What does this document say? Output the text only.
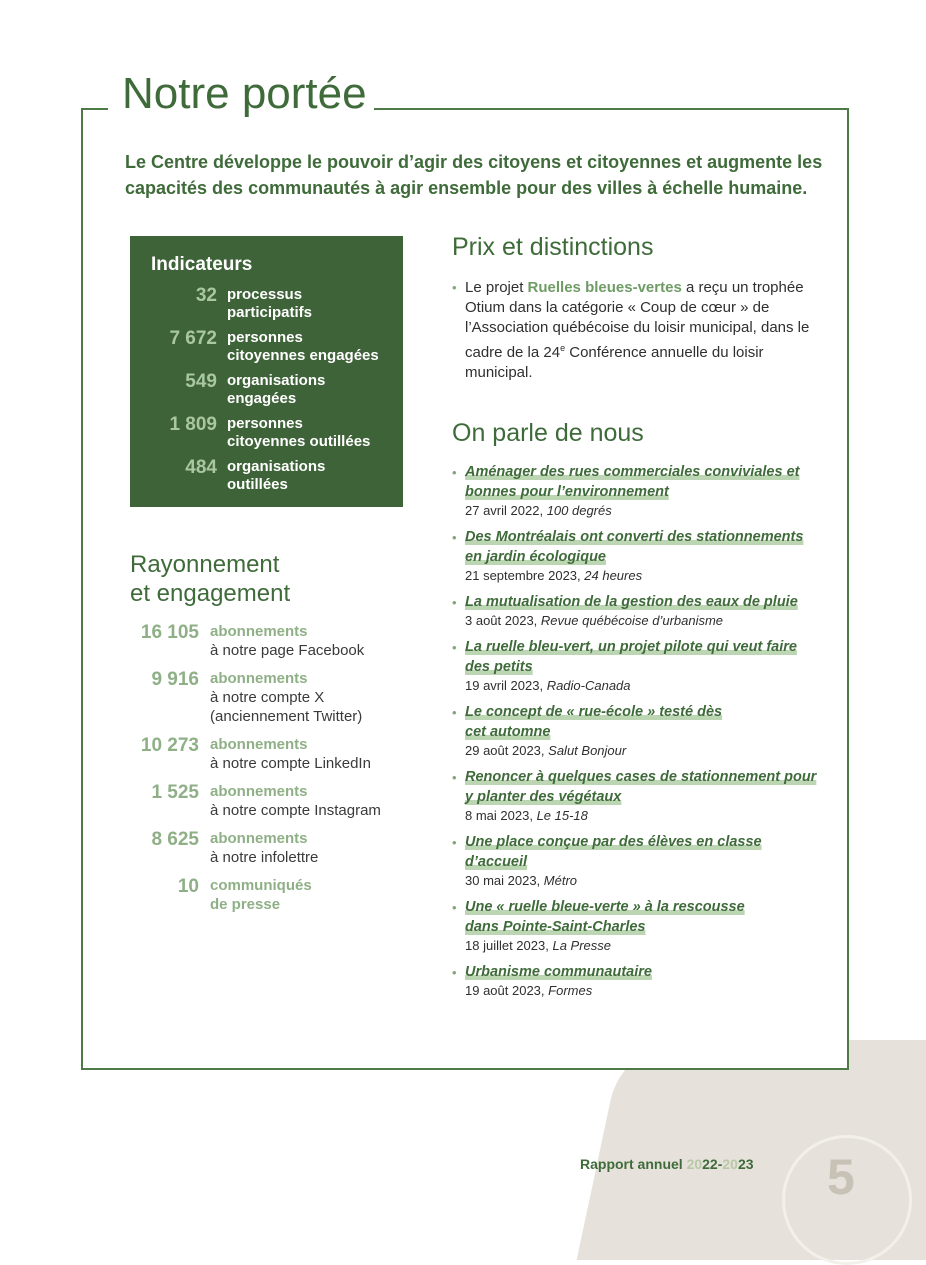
Notre portée
Le Centre développe le pouvoir d’agir des citoyens et citoyennes et augmente les capacités des communautés à agir ensemble pour des villes à échelle humaine.
Indicateurs
32 processus participatifs
7 672 personnes citoyennes engagées
549 organisations engagées
1 809 personnes citoyennes outillées
484 organisations outillées
Rayonnement
et engagement
16 105 abonnements
à notre page Facebook
9 916 abonnements
à notre compte X (anciennement Twitter)
10 273 abonnements
à notre compte LinkedIn
1 525 abonnements
à notre compte Instagram
8 625 abonnements
à notre infolettre
10 communiqués de presse
Prix et distinctions
• Le projet Ruelles bleues-vertes a reçu un trophée Otium dans la catégorie « Coup de cœur » de l’Association québécoise du loisir municipal, dans le cadre de la 24e Conférence annuelle du loisir municipal.
On parle de nous
• Aménager des rues commerciales conviviales et bonnes pour l’environnement
27 avril 2022, 100 degrés
• Des Montréalais ont converti des stationnements en jardin écologique
21 septembre 2023, 24 heures
• La mutualisation de la gestion des eaux de pluie
3 août 2023, Revue québécoise d’urbanisme
• La ruelle bleu-vert, un projet pilote qui veut faire des petits
19 avril 2023, Radio-Canada
• Le concept de « rue-école » testé dès cet automne
29 août 2023, Salut Bonjour
• Renoncer à quelques cases de stationnement pour y planter des végétaux
8 mai 2023, Le 15-18
• Une place conçue par des élèves en classe d’accueil
30 mai 2023, Métro
• Une « ruelle bleue-verte » à la rescousse dans Pointe-Saint-Charles
18 juillet 2023, La Presse
• Urbanisme communautaire
19 août 2023, Formes
Rapport annuel 2022-2023 5
